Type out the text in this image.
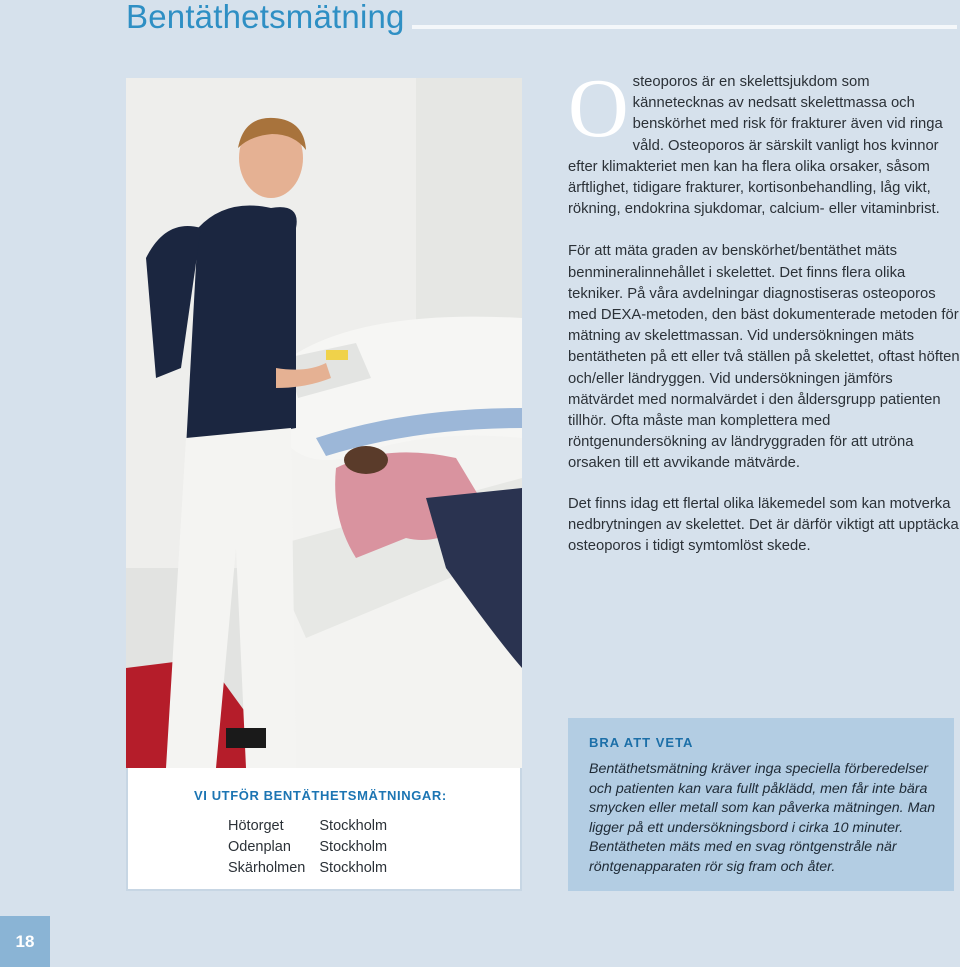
Bentäthetsmätning

Osteoporos är en skelettsjukdom som kännetecknas av nedsatt skelettmassa och benskörhet med risk för frakturer även vid ringa våld. Osteoporos är särskilt vanligt hos kvinnor efter klimakteriet men kan ha flera olika orsaker, såsom ärftlighet, tidigare frakturer, kortisonbehandling, låg vikt, rökning, endokrina sjukdomar, calcium- eller vitaminbrist.

För att mäta graden av benskörhet/bentäthet mäts benmineralinnehållet i skelettet. Det finns flera olika tekniker. På våra avdelningar diagnostiseras osteoporos med DEXA-metoden, den bäst dokumenterade metoden för mätning av skelettmassan. Vid undersökningen mäts bentätheten på ett eller två ställen på skelettet, oftast höften och/eller ländryggen. Vid undersökningen jämförs mätvärdet med normalvärdet i den åldersgrupp patienten tillhör. Ofta måste man komplettera med röntgenundersökning av ländryggraden för att utröna orsaken till ett avvikande mätvärde.

Det finns idag ett flertal olika läkemedel som kan motverka nedbrytningen av skelettet. Det är därför viktigt att upptäcka osteoporos i tidigt symtomlöst skede.

VI UTFÖR BENTÄTHETSMÄTNINGAR:
Hötorget	Stockholm
Odenplan	Stockholm
Skärholmen	Stockholm
BRA ATT VETA
Bentäthetsmätning kräver inga speciella förberedelser och patienten kan vara fullt påklädd, men får inte bära smycken eller metall som kan påverka mätningen. Man ligger på ett undersökningsbord i cirka 10 minuter. Bentätheten mäts med en svag röntgenstråle när röntgenapparaten rör sig fram och åter.
18
